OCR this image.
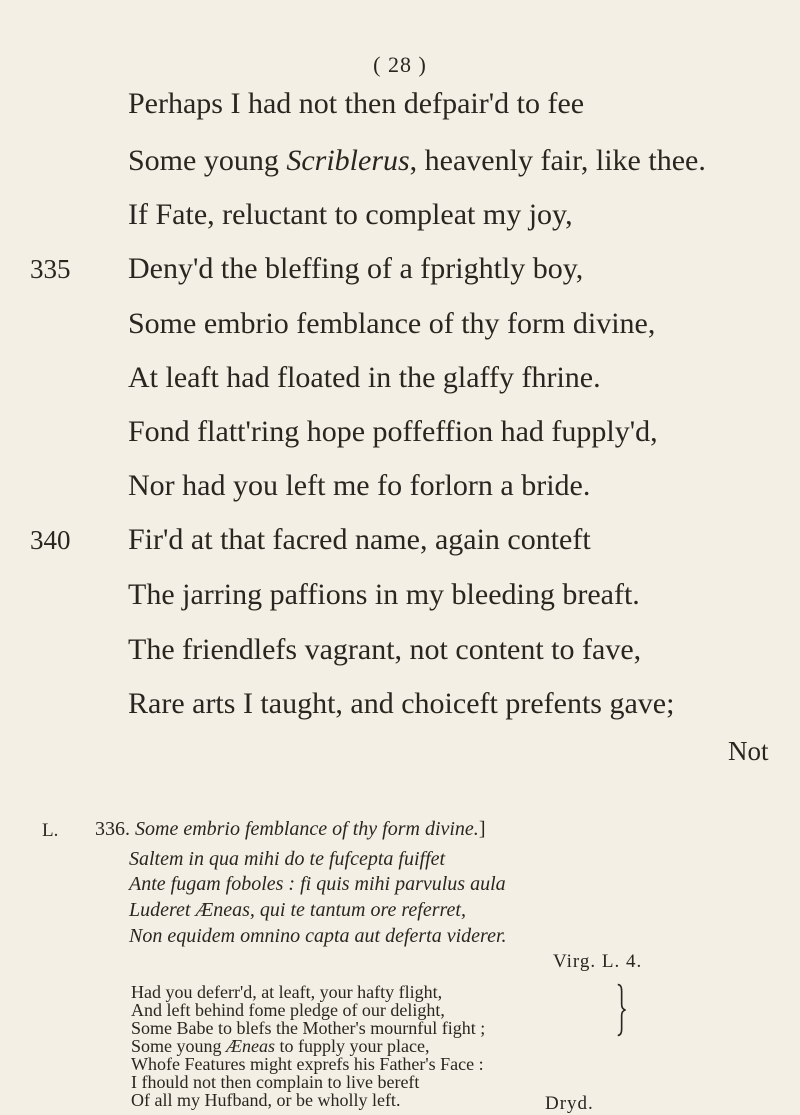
( 28 )
Perhaps I had not then defpair'd to fee
Some young Scriblerus, heavenly fair, like thee.
If Fate, reluctant to compleat my joy,
Deny'd the bleffing of a fprightly boy,
Some embrio femblance of thy form divine,
At leaft had floated in the glaffy fhrine.
Fond flatt'ring hope poffeffion had fupply'd,
Nor had you left me fo forlorn a bride.
Fir'd at that facred name, again conteft
The jarring paffions in my bleeding breaft.
The friendlefs vagrant, not content to fave,
Rare arts I taught, and choiceft prefents gave;
335
340
Not
L. 336. Some embrio femblance of thy form divine.]
Saltem in qua mihi do te fufcepta fuiffet
Ante fugam foboles : fi quis mihi parvulus aula
Luderet Æneas, qui te tantum ore referret,
Non equidem omnino capta aut deferta viderer.
Virg. L. 4.
Had you deferr'd, at leaft, your hafty flight,
And left behind fome pledge of our delight,
Some Babe to blefs the Mother's mournful fight ;
Some young Æneas to fupply your place,
Whofe Features might exprefs his Father's Face :
I fhould not then complain to live bereft
Of all my Hufband, or be wholly left.	Dryd.
